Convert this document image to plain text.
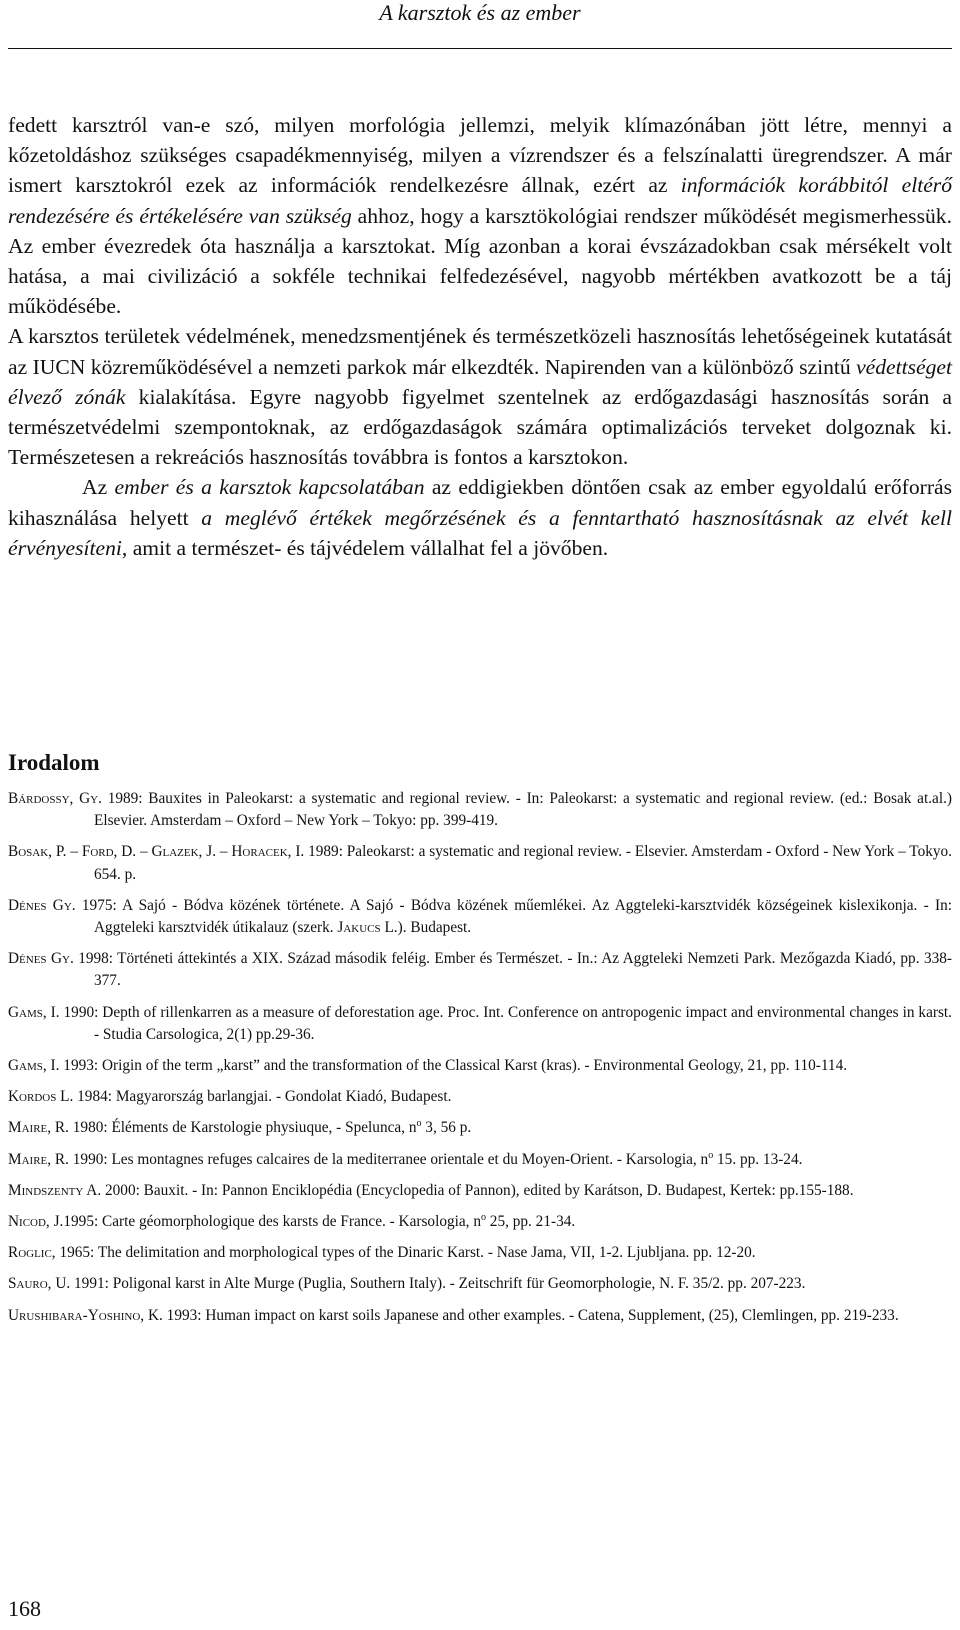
A karsztok és az ember

fedett karsztról van-e szó, milyen morfológia jellemzi, melyik klímazónában jött létre, mennyi a kőzetoldáshoz szükséges csapadékmennyiség, milyen a vízrendszer és a felszínalatti üregrendszer. A már ismert karsztokról ezek az információk rendelkezésre állnak, ezért az információk korábbitól eltérő rendezésére és értékelésére van szükség ahhoz, hogy a karsztökológiai rendszer működését megismerhessük. Az ember évezredek óta használja a karsztokat. Míg azonban a korai évszázadokban csak mérsékelt volt hatása, a mai civilizáció a sokféle technikai felfedezésével, nagyobb mértékben avatkozott be a táj működésébe.

A karsztos területek védelmének, menedzsmentjének és természetközeli hasznosítás lehetőségeinek kutatását az IUCN közreműködésével a nemzeti parkok már elkezdték. Napirenden van a különböző szintű védettséget élvező zónák kialakítása. Egyre nagyobb figyelmet szentelnek az erdőgazdasági hasznosítás során a természetvédelmi szempontoknak, az erdőgazdaságok számára optimalizációs terveket dolgoznak ki. Természetesen a rekreációs hasznosítás továbbra is fontos a karsztokon.

Az ember és a karsztok kapcsolatában az eddigiekben döntően csak az ember egyoldalú erőforrás kihasználása helyett a meglévő értékek megőrzésének és a fenntartható hasznosításnak az elvét kell érvényesíteni, amit a természet- és tájvédelem vállalhat fel a jövőben.

Irodalom

Bárdossy, Gy. 1989: Bauxites in Paleokarst: a systematic and regional review. - In: Paleokarst: a systematic and regional review. (ed.: Bosak at.al.) Elsevier. Amsterdam – Oxford – New York – Tokyo: pp. 399-419.

Bosak, P. – Ford, D. – Glazek, J. – Horacek, I. 1989: Paleokarst: a systematic and regional review. - Elsevier. Amsterdam - Oxford - New York – Tokyo. 654. p.

Dénes Gy. 1975: A Sajó - Bódva közének története. A Sajó - Bódva közének műemlékei. Az Aggteleki-karsztvidék községeinek kislexikonja. - In: Aggteleki karsztvidék útikalauz (szerk. Jakucs L.). Budapest.

Dénes Gy. 1998: Történeti áttekintés a XIX. Század második feléig. Ember és Természet. - In.: Az Aggteleki Nemzeti Park. Mezőgazda Kiadó, pp. 338-377.

Gams, I. 1990: Depth of rillenkarren as a measure of deforestation age. Proc. Int. Conference on antropogenic impact and environmental changes in karst. - Studia Carsologica, 2(1) pp.29-36.

Gams, I. 1993: Origin of the term „karst” and the transformation of the Classical Karst (kras). - Environmental Geology, 21, pp. 110-114.

Kordos L. 1984: Magyarország barlangjai. - Gondolat Kiadó, Budapest.

Maire, R. 1980: Éléments de Karstologie physiuque, - Spelunca, $n^o$ 3, 56 p.

Maire, R. 1990: Les montagnes refuges calcaires de la mediterranee orientale et du Moyen-Orient. - Karsologia, $n^o$ 15. pp. 13-24.

Mindszenty A. 2000: Bauxit. - In: Pannon Enciklopédia (Encyclopedia of Pannon), edited by Karátson, D. Budapest, Kertek: pp.155-188.

Nicod, J.1995: Carte géomorphologique des karsts de France. - Karsologia, $n^o$ 25, pp. 21-34.

Roglic, 1965: The delimitation and morphological types of the Dinaric Karst. - Nase Jama, VII, 1-2. Ljubljana. pp. 12-20.

Sauro, U. 1991: Poligonal karst in Alte Murge (Puglia, Southern Italy). - Zeitschrift für Geomorphologie, N. F. 35/2. pp. 207-223.

Urushibara-Yoshino, K. 1993: Human impact on karst soils Japanese and other examples. - Catena, Supplement, (25), Clemlingen, pp. 219-233.

168
